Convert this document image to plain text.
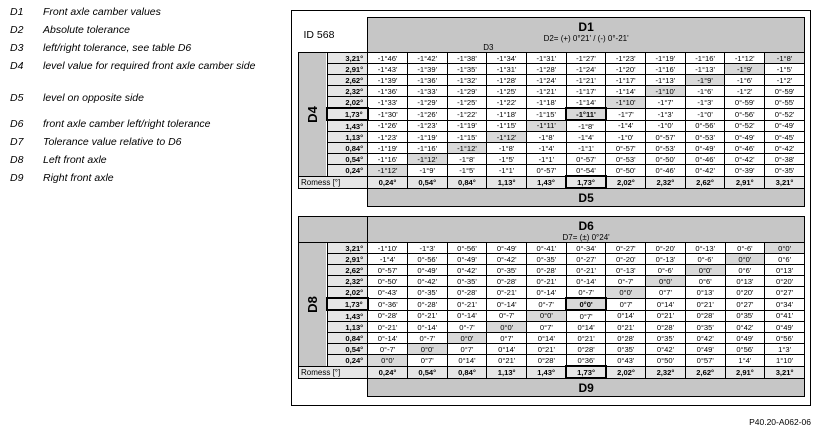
D1	Front axle camber values
D2	Absolute tolerance
D3	left/right tolerance, see table D6
D4	level value for required front axle camber side
D5	level on opposite side
D6	front axle camber left/right tolerance
D7	Tolerance value relative to D6
D8	Left front axle
D9	Right front axle
ID 568		D1
D2= (+) 0°21' / (-) 0°-21'
D3										

D4	3,21°	-1°46'	-1°42'	-1°38'	-1°34'	-1°31'	-1°27'	-1°23'	-1°19'	-1°16'	-1°12'	-1°8'
	2,91°	-1°43'	-1°39'	-1°35'	-1°31'	-1°28'	-1°24'	-1°20'	-1°16'	-1°13'	-1°9'	-1°5'
	2,62°	-1°39'	-1°36'	-1°32'	-1°28'	-1°24'	-1°21'	-1°17'	-1°13'	-1°9'	-1°6'	-1°2'
	2,32°	-1°36'	-1°33'	-1°29'	-1°25'	-1°21'	-1°17'	-1°14'	-1°10'	-1°6'	-1°2'	0°-59'
	2,02°	-1°33'	-1°29'	-1°25'	-1°22'	-1°18'	-1°14'	-1°10'	-1°7'	-1°3'	0°-59'	0°-55'
	1,73°	-1°30'	-1°26'	-1°22'	-1°18'	-1°15'	-1°11'	-1°7'	-1°3'	-1°0'	0°-56'	0°-52'
	1,43°	-1°26'	-1°23'	-1°19'	-1°15'	-1°11'	-1°8'	-1°4'	-1°0'	0°-56'	0°-52'	0°-49'
	1,13°	-1°23'	-1°19'	-1°15'	-1°12'	-1°8'	-1°4'	-1°0'	0°-57'	0°-53'	0°-49'	0°-45'
	0,84°	-1°19'	-1°16'	-1°12'	-1°8'	-1°4'	-1°1'	0°-57'	0°-53'	0°-49'	0°-46'	0°-42'
	0,54°	-1°16'	-1°12'	-1°8'	-1°5'	-1°1'	0°-57'	0°-53'	0°-50'	0°-46'	0°-42'	0°-38'
	0,24°	-1°12'	-1°9'	-1°5'	-1°1'	0°-57'	0°-54'	0°-50'	0°-46'	0°-42'	0°-39'	0°-35'
Romess [°]		0,24°	0,54°	0,84°	1,13°	1,43°	1,73°	2,02°	2,32°	2,62°	2,91°	3,21°
		D5										

		D6
D7= (±) 0°24'										

D8	3,21°	-1°10'	-1°3'	0°-56'	0°-49'	0°-41'	0°-34'	0°-27'	0°-20'	0°-13'	0°-6'	0°0'
	2,91°	-1°4'	0°-56'	0°-49'	0°-42'	0°-35'	0°-27'	0°-20'	0°-13'	0°-6'	0°0'	0°6'
	2,62°	0°-57'	0°-49'	0°-42'	0°-35'	0°-28'	0°-21'	0°-13'	0°-6'	0°0'	0°6'	0°13'
	2,32°	0°-50'	0°-42'	0°-35'	0°-28'	0°-21'	0°-14'	0°-7'	0°0'	0°6'	0°13'	0°20'
	2,02°	0°-43'	0°-35'	0°-28'	0°-21'	0°-14'	0°-7'	0°0'	0°7'	0°13'	0°20'	0°27'
	1,73°	0°-36'	0°-28'	0°-21'	0°-14'	0°-7'	0°0'	0°7'	0°14'	0°21'	0°27'	0°34'
	1,43°	0°-28'	0°-21'	0°-14'	0°-7'	0°0'	0°7'	0°14'	0°21'	0°28'	0°35'	0°41'
	1,13°	0°-21'	0°-14'	0°-7'	0°0'	0°7'	0°14'	0°21'	0°28'	0°35'	0°42'	0°49'
	0,84°	0°-14'	0°-7'	0°0'	0°7'	0°14'	0°21'	0°28'	0°35'	0°42'	0°49'	0°56'
	0,54°	0°-7'	0°0'	0°7'	0°14'	0°21'	0°28'	0°35'	0°42'	0°49'	0°56'	1°3'
	0,24°	0°0'	0°7'	0°14'	0°21'	0°28'	0°36'	0°43'	0°50'	0°57'	1°4'	1°10'
Romess [°]		0,24°	0,54°	0,84°	1,13°	1,43°	1,73°	2,02°	2,32°	2,62°	2,91°	3,21°
		D9										
P40.20-A062-06
